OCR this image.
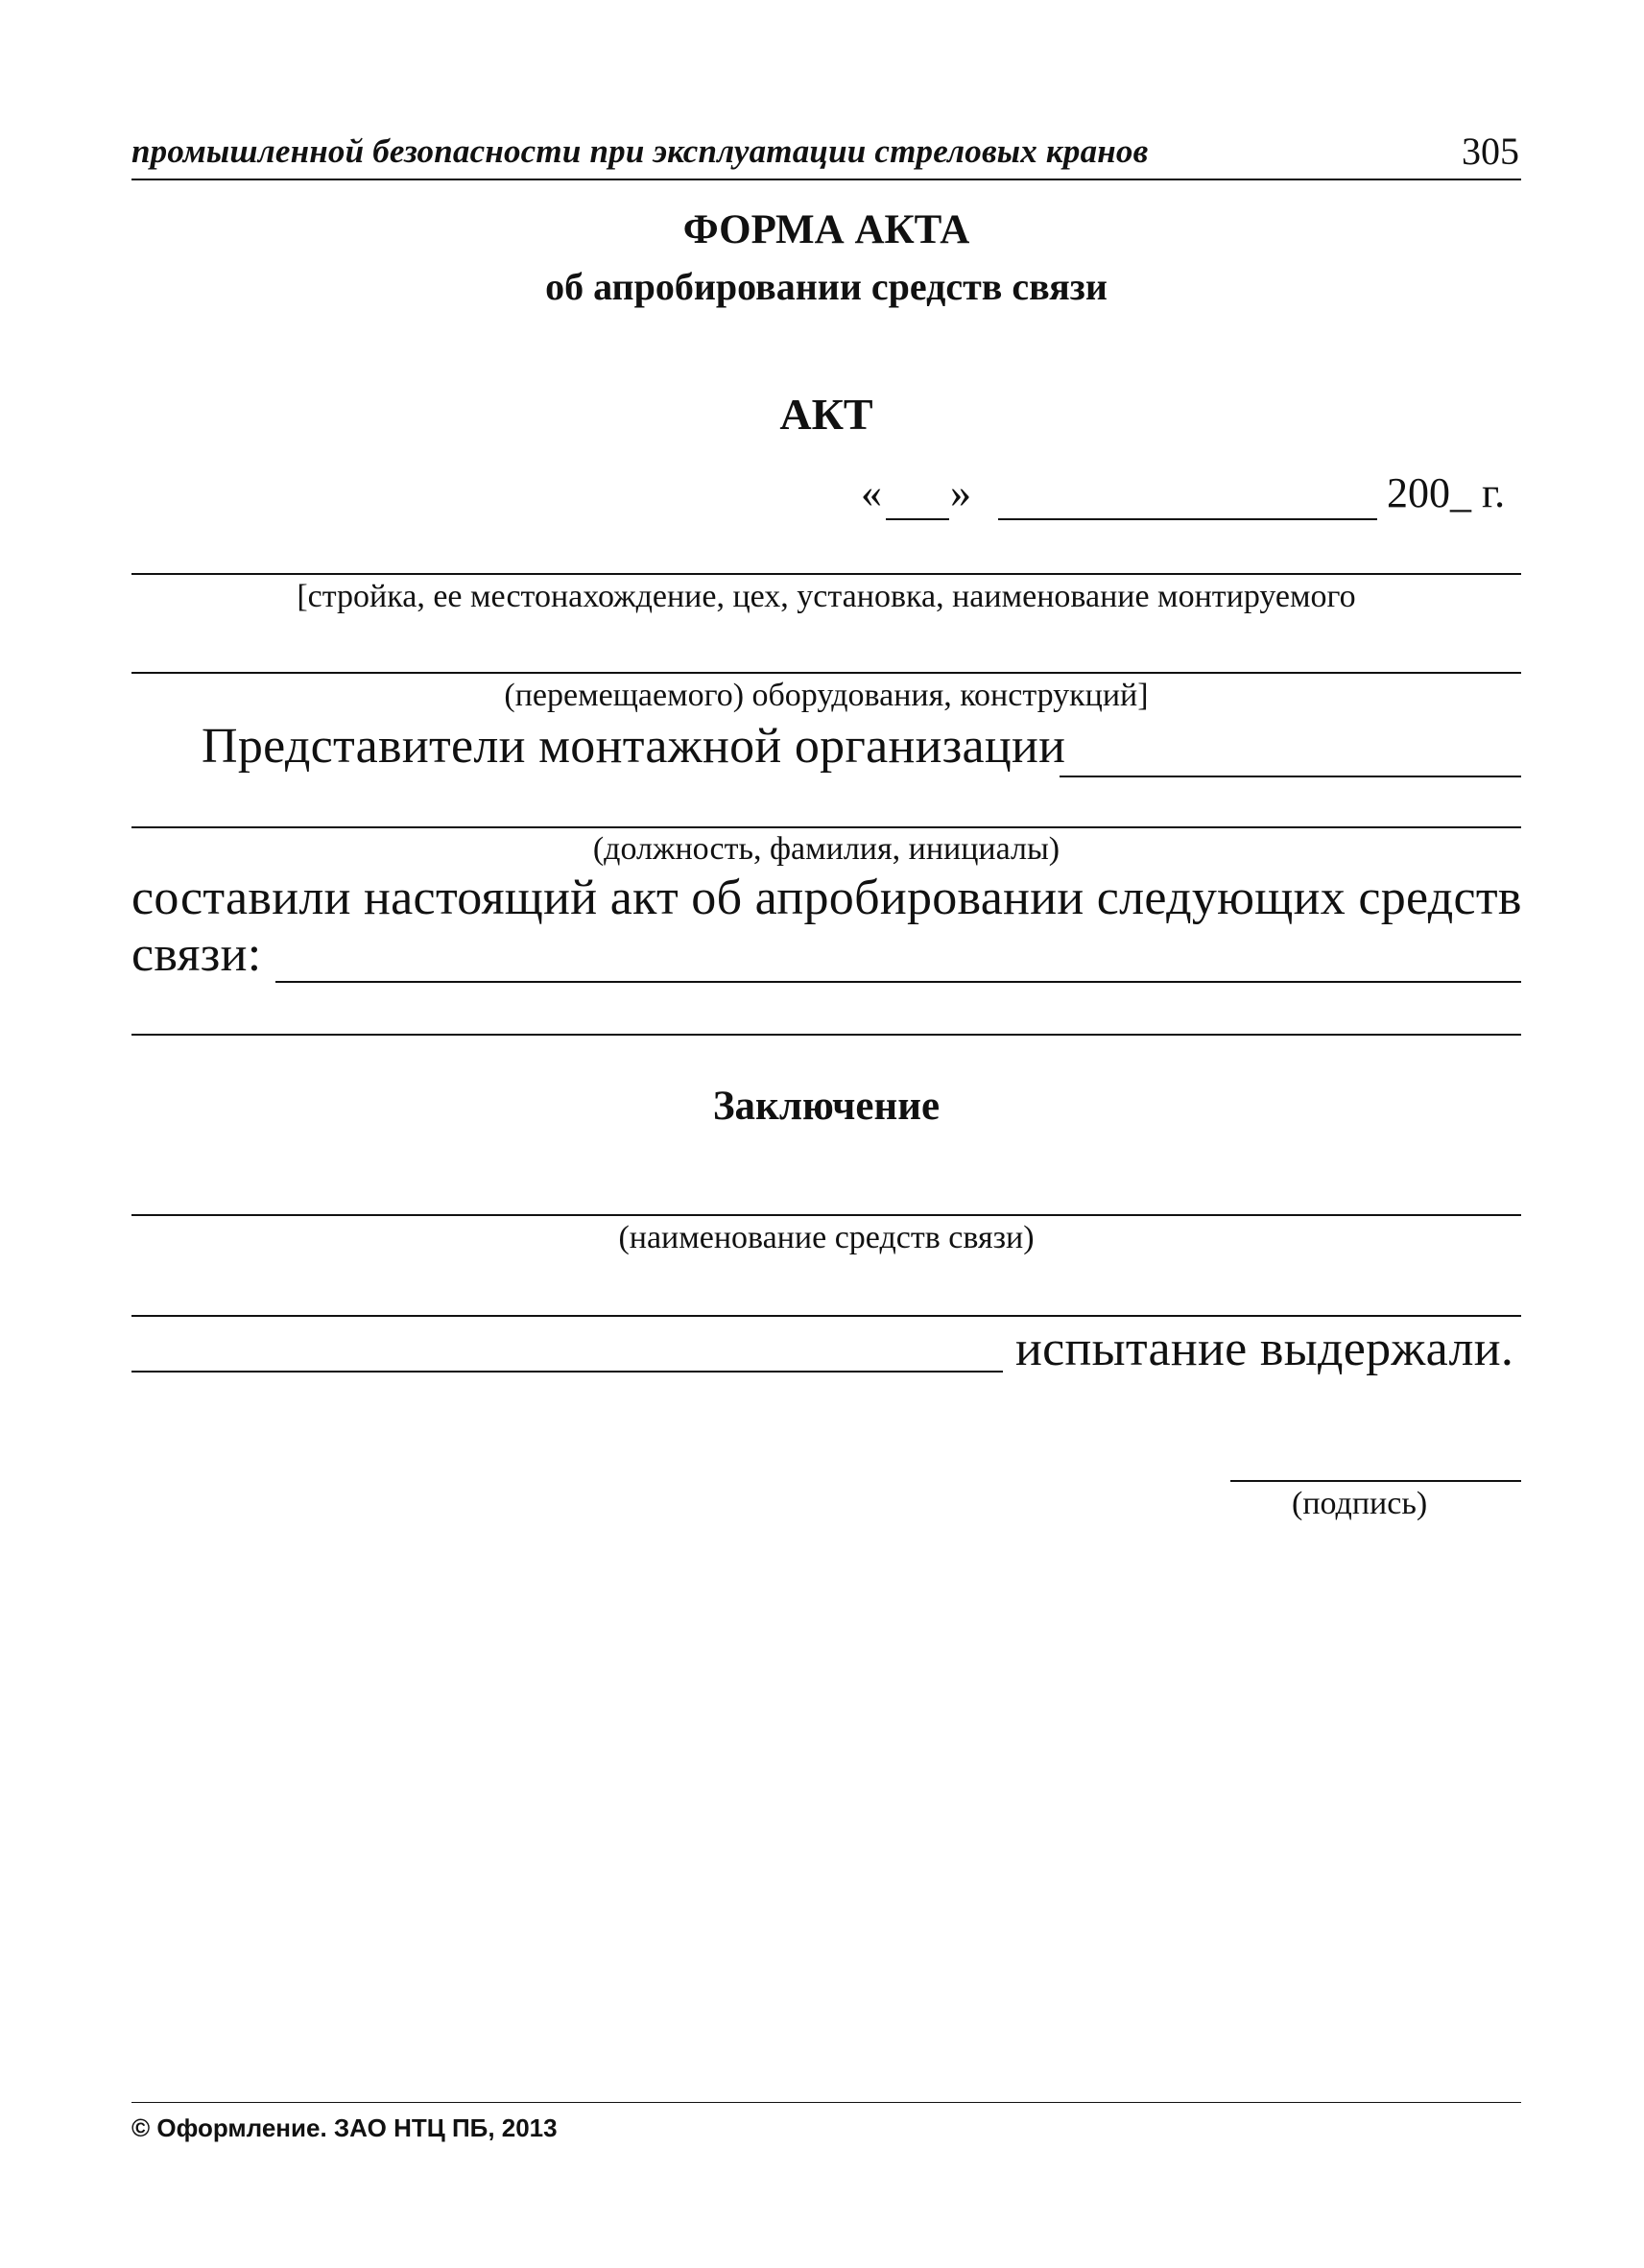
промышленной безопасности при эксплуатации стреловых кранов	305
ФОРМА АКТА
об апробировании средств связи
АКТ
« »	200_ г.
[стройка, ее местонахождение, цех, установка, наименование монтируемого
(перемещаемого) оборудования, конструкций]
Представители монтажной организации
(должность, фамилия, инициалы)
составили настоящий акт об апробировании следующих средств
связи:
Заключение
(наименование средств связи)
испытание выдержали.
(подпись)
© Оформление. ЗАО НТЦ ПБ, 2013
